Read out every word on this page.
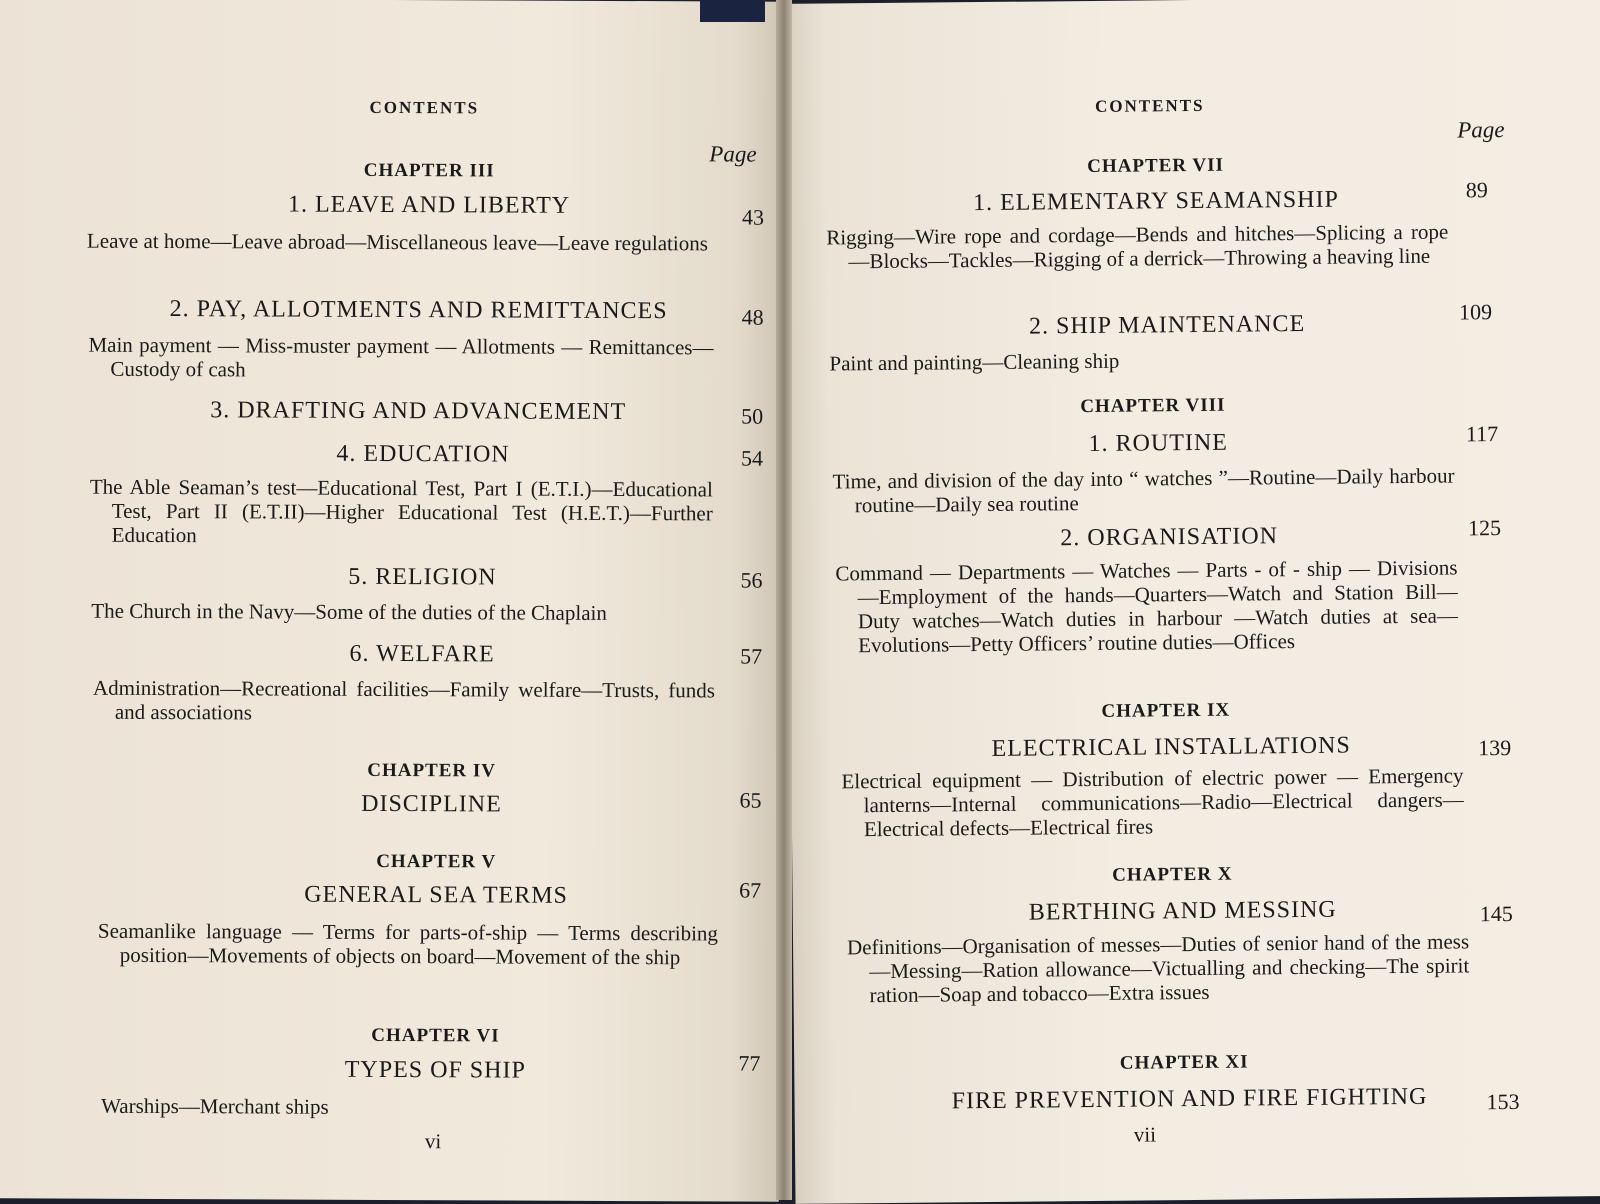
CONTENTS
Page
CHAPTER III
1. LEAVE AND LIBERTY	43
Leave at home—Leave abroad—Miscellaneous leave—Leave regulations
2. PAY, ALLOTMENTS AND REMITTANCES	48
Main payment — Miss-muster payment — Allotments — Remittances—Custody of cash
3. DRAFTING AND ADVANCEMENT	50
4. EDUCATION	54
The Able Seaman’s test—Educational Test, Part I (E.T.I.)—Educational Test, Part II (E.T.II)—Higher Educational Test (H.E.T.)—Further Education
5. RELIGION	56
The Church in the Navy—Some of the duties of the Chaplain
6. WELFARE	57
Administration—Recreational facilities—Family welfare—Trusts, funds and associations
CHAPTER IV
DISCIPLINE	65
CHAPTER V
GENERAL SEA TERMS	67
Seamanlike language — Terms for parts-of-ship — Terms describing position—Movements of objects on board—Movement of the ship
CHAPTER VI
TYPES OF SHIP	77
Warships—Merchant ships
vi
CONTENTS
Page
CHAPTER VII
1. ELEMENTARY SEAMANSHIP	89
Rigging—Wire rope and cordage—Bends and hitches—Splicing a rope—Blocks—Tackles—Rigging of a derrick—Throwing a heaving line
2. SHIP MAINTENANCE	109
Paint and painting—Cleaning ship
CHAPTER VIII
1. ROUTINE	117
Time, and division of the day into “ watches ”—Routine—Daily harbour routine—Daily sea routine
2. ORGANISATION	125
Command — Departments — Watches — Parts - of - ship — Divisions—Employment of the hands—Quarters—Watch and Station Bill—Duty watches—Watch duties in harbour —Watch duties at sea—Evolutions—Petty Officers’ routine duties—Offices
CHAPTER IX
ELECTRICAL INSTALLATIONS	139
Electrical equipment — Distribution of electric power — Emergency lanterns—Internal communications—Radio—Electrical dangers—Electrical defects—Electrical fires
CHAPTER X
BERTHING AND MESSING	145
Definitions—Organisation of messes—Duties of senior hand of the mess—Messing—Ration allowance—Victualling and checking—The spirit ration—Soap and tobacco—Extra issues
CHAPTER XI
FIRE PREVENTION AND FIRE FIGHTING	153
vii
